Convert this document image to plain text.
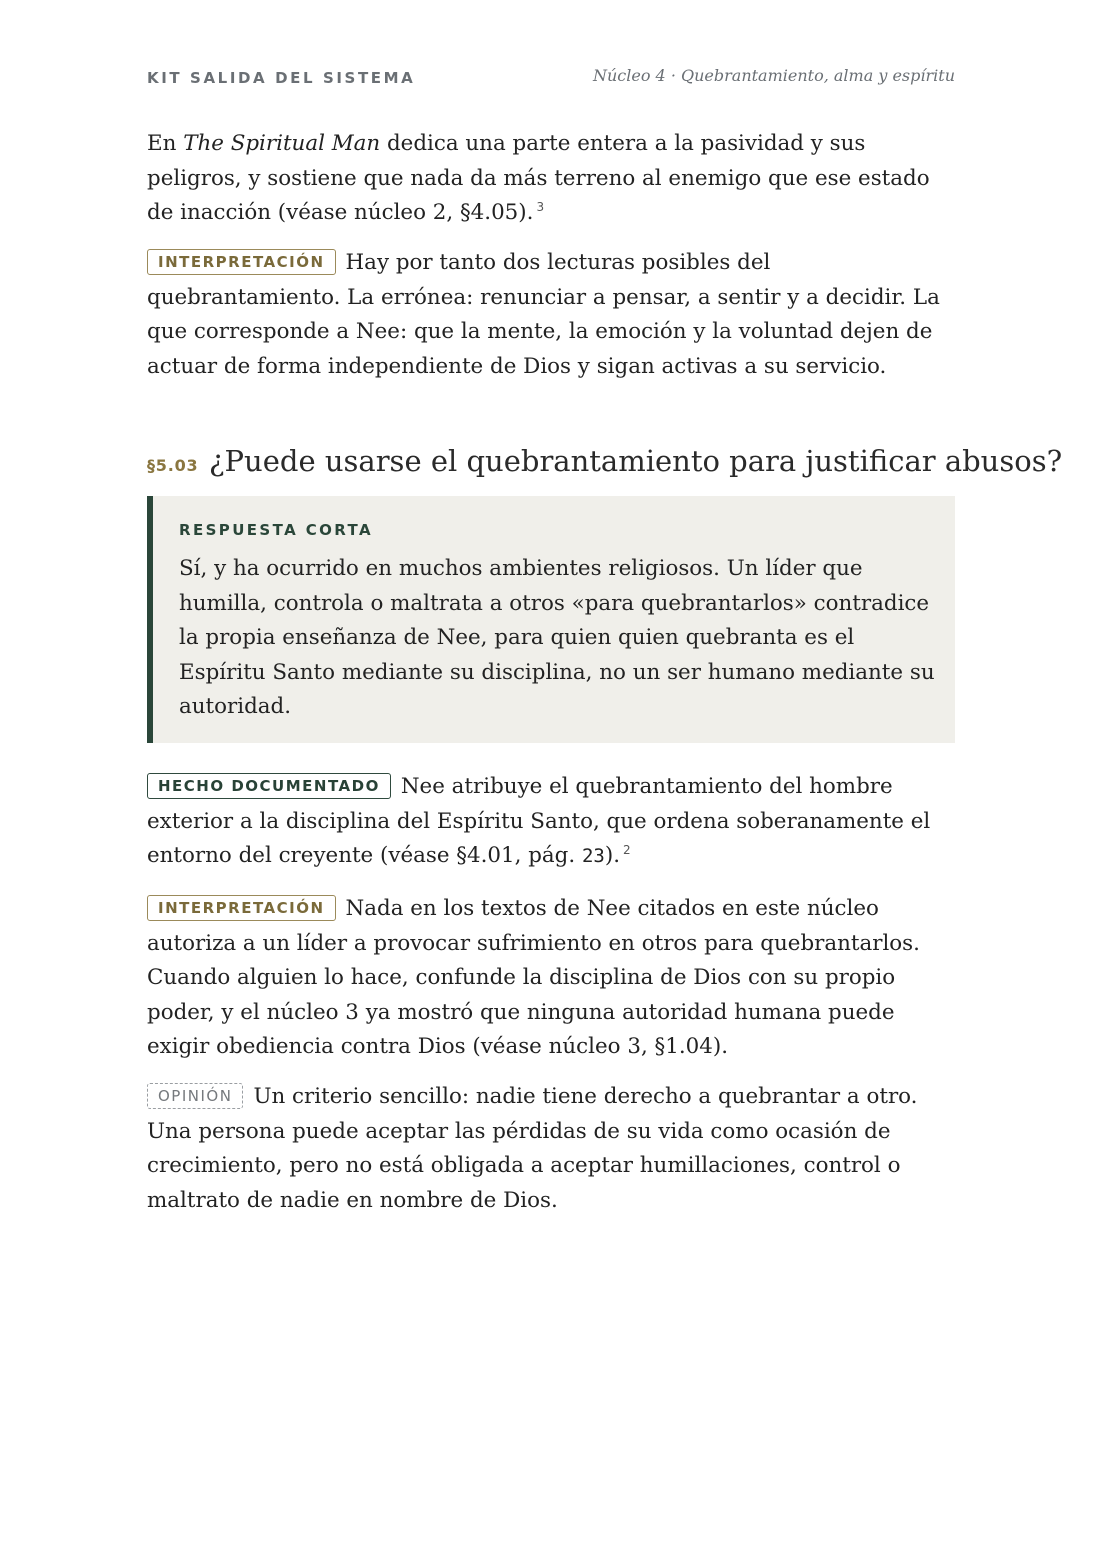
KIT SALIDA DEL SISTEMA	Núcleo 4 · Quebrantamiento, alma y espíritu

En The Spiritual Man dedica una parte entera a la pasividad y sus peligros, y sostiene que nada da más terreno al enemigo que ese estado de inacción (véase núcleo 2, §4.05). $^3$

INTERPRETACIÓN Hay por tanto dos lecturas posibles del quebrantamiento. La errónea: renunciar a pensar, a sentir y a decidir. La que corresponde a Nee: que la mente, la emoción y la voluntad dejen de actuar de forma independiente de Dios y sigan activas a su servicio.

§5.03 ¿Puede usarse el quebrantamiento para justificar abusos?
RESPUESTA CORTA
Sí, y ha ocurrido en muchos ambientes religiosos. Un líder que humilla, controla o maltrata a otros «para quebrantarlos» contradice la propia enseñanza de Nee, para quien quien quebranta es el Espíritu Santo mediante su disciplina, no un ser humano mediante su autoridad.

HECHO DOCUMENTADO Nee atribuye el quebrantamiento del hombre exterior a la disciplina del Espíritu Santo, que ordena soberanamente el entorno del creyente (véase §4.01, pág. 23). $^2$

INTERPRETACIÓN Nada en los textos de Nee citados en este núcleo autoriza a un líder a provocar sufrimiento en otros para quebrantarlos. Cuando alguien lo hace, confunde la disciplina de Dios con su propio poder, y el núcleo 3 ya mostró que ninguna autoridad humana puede exigir obediencia contra Dios (véase núcleo 3, §1.04).

OPINIÓN Un criterio sencillo: nadie tiene derecho a quebrantar a otro. Una persona puede aceptar las pérdidas de su vida como ocasión de crecimiento, pero no está obligada a aceptar humillaciones, control o maltrato de nadie en nombre de Dios.
